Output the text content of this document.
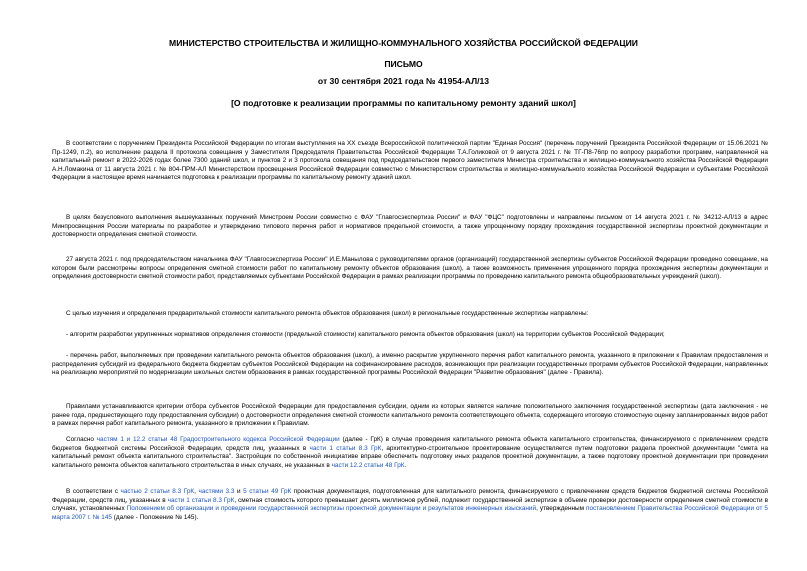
МИНИСТЕРСТВО СТРОИТЕЛЬСТВА И ЖИЛИЩНО-КОММУНАЛЬНОГО ХОЗЯЙСТВА РОССИЙСКОЙ ФЕДЕРАЦИИ
ПИСЬМО
от 30 сентября 2021 года № 41954-АЛ/13
[О подготовке к реализации программы по капитальному ремонту зданий школ]
В соответствии с поручением Президента Российской Федерации по итогам выступления на XX съезде Всероссийской политической партии "Единая Россия" (перечень поручений Президента Российской Федерации от 15.06.2021 № Пр-1249, п.2), во исполнение раздела II протокола совещания у Заместителя Председателя Правительства Российской Федерации Т.А.Голиковой от 9 августа 2021 г. № ТГ-П8-76пр по вопросу разработки программ, направленной на капитальный ремонт в 2022-2026 годах более 7300 зданий школ, и пунктов 2 и 3 протокола совещания под председательством первого заместителя Министра строительства и жилищно-коммунального хозяйства Российской Федерации А.Н.Ломакина от 11 августа 2021 г. № 804-ПРМ-АЛ Министерством просвещения Российской Федерации совместно с Министерством строительства и жилищно-коммунального хозяйства Российской Федерации и субъектами Российской Федерации в настоящее время начинается подготовка к реализации программы по капитальному ремонту зданий школ.
В целях безусловного выполнения вышеуказанных поручений Минстроем России совместно с ФАУ "Главгосэкспертиза России" и ФАУ "ФЦС" подготовлены и направлены письмом от 14 августа 2021 г. № 34212-АЛ/13 в адрес Минпросвещения России материалы по разработке и утверждению типового перечня работ и нормативов предельной стоимости, а также упрощенному порядку прохождения государственной экспертизы проектной документации и достоверности определения сметной стоимости.
27 августа 2021 г. под председательством начальника ФАУ "Главгосэкспертиза России" И.Е.Манылова с руководителями органов (организаций) государственной экспертизы субъектов Российской Федерации проведено совещание, на котором были рассмотрены вопросы определения сметной стоимости работ по капитальному ремонту объектов образования (школ), а также возможность применения упрощенного порядка прохождения экспертизы документации и определения достоверности сметной стоимости работ, представляемых субъектами Российской Федерации в рамках реализации программы по проведению капитального ремонта общеобразовательных учреждений (школ).
С целью изучения и определения предварительной стоимости капитального ремонта объектов образования (школ) в региональные государственные экспертизы направлены:
- алгоритм разработки укрупненных нормативов определения стоимости (предельной стоимости) капитального ремонта объектов образования (школ) на территории субъектов Российской Федерации;
- перечень работ, выполняемых при проведении капитального ремонта объектов образования (школ), а именно раскрытие укрупненного перечня работ капитального ремонта, указанного в приложении к Правилам предоставления и распределения субсидий из федерального бюджета бюджетам субъектов Российской Федерации на софинансирование расходов, возникающих при реализации государственных программ субъектов Российской Федерации, направленных на реализацию мероприятий по модернизации школьных систем образования в рамках государственной программы Российской Федерации "Развитие образования" (далее - Правила).
Правилами устанавливаются критерии отбора субъектов Российской Федерации для предоставления субсидии, одним из которых является наличие положительного заключения государственной экспертизы (дата заключения - не ранее года, предшествующего году предоставления субсидии) о достоверности определения сметной стоимости капитального ремонта соответствующего объекта, содержащего итоговую стоимостную оценку запланированных видов работ в рамках перечня работ капитального ремонта, указанного в приложении к Правилам.
Согласно частям 1 и 12.2 статьи 48 Градостроительного кодекса Российской Федерации (далее - ГрК) в случае проведения капитального ремонта объекта капитального строительства, финансируемого с привлечением средств бюджетов бюджетной системы Российской Федерации, средств лиц, указанных в части 1 статьи 8.3 ГрК, архитектурно-строительное проектирование осуществляется путем подготовки раздела проектной документации "смета на капитальный ремонт объекта капитального строительства". Застройщик по собственной инициативе вправе обеспечить подготовку иных разделов проектной документации, а также подготовку проектной документации при проведении капитального ремонта объектов капитального строительства в иных случаях, не указанных в части 12.2 статьи 48 ГрК.
В соответствии с частью 2 статьи 8.3 ГрК, частями 3.3 и 5 статьи 49 ГрК проектная документация, подготовленная для капитального ремонта, финансируемого с привлечением средств бюджетов бюджетной системы Российской Федерации, средств лиц, указанных в части 1 статьи 8.3 ГрК, сметная стоимость которого превышает десять миллионов рублей, подлежит государственной экспертизе в объеме проверки достоверности определения сметной стоимости в случаях, установленных Положением об организации и проведении государственной экспертизы проектной документации и результатов инженерных изысканий, утвержденным постановлением Правительства Российской Федерации от 5 марта 2007 г. № 145 (далее - Положение № 145).
